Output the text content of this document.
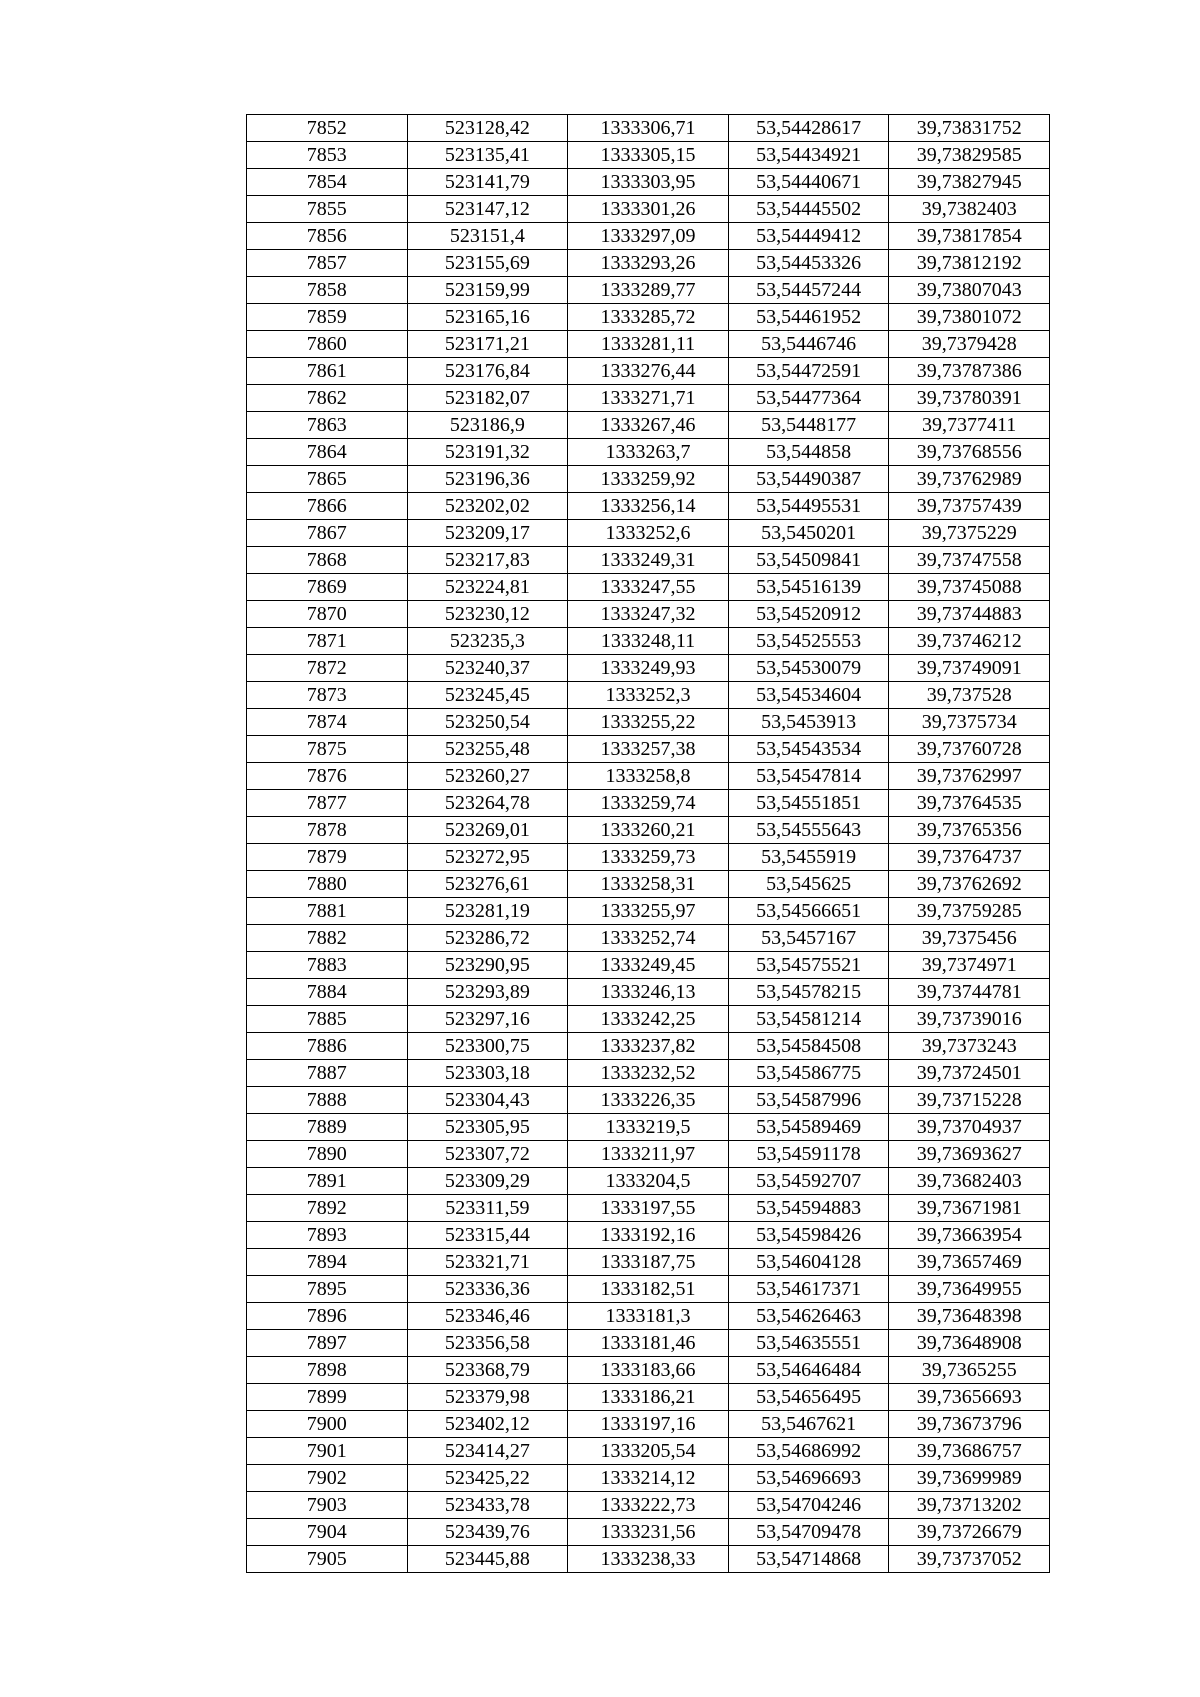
7852	523128,42	1333306,71	53,54428617	39,73831752
7853	523135,41	1333305,15	53,54434921	39,73829585
7854	523141,79	1333303,95	53,54440671	39,73827945
7855	523147,12	1333301,26	53,54445502	39,7382403
7856	523151,4	1333297,09	53,54449412	39,73817854
7857	523155,69	1333293,26	53,54453326	39,73812192
7858	523159,99	1333289,77	53,54457244	39,73807043
7859	523165,16	1333285,72	53,54461952	39,73801072
7860	523171,21	1333281,11	53,5446746	39,7379428
7861	523176,84	1333276,44	53,54472591	39,73787386
7862	523182,07	1333271,71	53,54477364	39,73780391
7863	523186,9	1333267,46	53,5448177	39,7377411
7864	523191,32	1333263,7	53,544858	39,73768556
7865	523196,36	1333259,92	53,54490387	39,73762989
7866	523202,02	1333256,14	53,54495531	39,73757439
7867	523209,17	1333252,6	53,5450201	39,7375229
7868	523217,83	1333249,31	53,54509841	39,73747558
7869	523224,81	1333247,55	53,54516139	39,73745088
7870	523230,12	1333247,32	53,54520912	39,73744883
7871	523235,3	1333248,11	53,54525553	39,73746212
7872	523240,37	1333249,93	53,54530079	39,73749091
7873	523245,45	1333252,3	53,54534604	39,737528
7874	523250,54	1333255,22	53,5453913	39,7375734
7875	523255,48	1333257,38	53,54543534	39,73760728
7876	523260,27	1333258,8	53,54547814	39,73762997
7877	523264,78	1333259,74	53,54551851	39,73764535
7878	523269,01	1333260,21	53,54555643	39,73765356
7879	523272,95	1333259,73	53,5455919	39,73764737
7880	523276,61	1333258,31	53,545625	39,73762692
7881	523281,19	1333255,97	53,54566651	39,73759285
7882	523286,72	1333252,74	53,5457167	39,7375456
7883	523290,95	1333249,45	53,54575521	39,7374971
7884	523293,89	1333246,13	53,54578215	39,73744781
7885	523297,16	1333242,25	53,54581214	39,73739016
7886	523300,75	1333237,82	53,54584508	39,7373243
7887	523303,18	1333232,52	53,54586775	39,73724501
7888	523304,43	1333226,35	53,54587996	39,73715228
7889	523305,95	1333219,5	53,54589469	39,73704937
7890	523307,72	1333211,97	53,54591178	39,73693627
7891	523309,29	1333204,5	53,54592707	39,73682403
7892	523311,59	1333197,55	53,54594883	39,73671981
7893	523315,44	1333192,16	53,54598426	39,73663954
7894	523321,71	1333187,75	53,54604128	39,73657469
7895	523336,36	1333182,51	53,54617371	39,73649955
7896	523346,46	1333181,3	53,54626463	39,73648398
7897	523356,58	1333181,46	53,54635551	39,73648908
7898	523368,79	1333183,66	53,54646484	39,7365255
7899	523379,98	1333186,21	53,54656495	39,73656693
7900	523402,12	1333197,16	53,5467621	39,73673796
7901	523414,27	1333205,54	53,54686992	39,73686757
7902	523425,22	1333214,12	53,54696693	39,73699989
7903	523433,78	1333222,73	53,54704246	39,73713202
7904	523439,76	1333231,56	53,54709478	39,73726679
7905	523445,88	1333238,33	53,54714868	39,73737052
